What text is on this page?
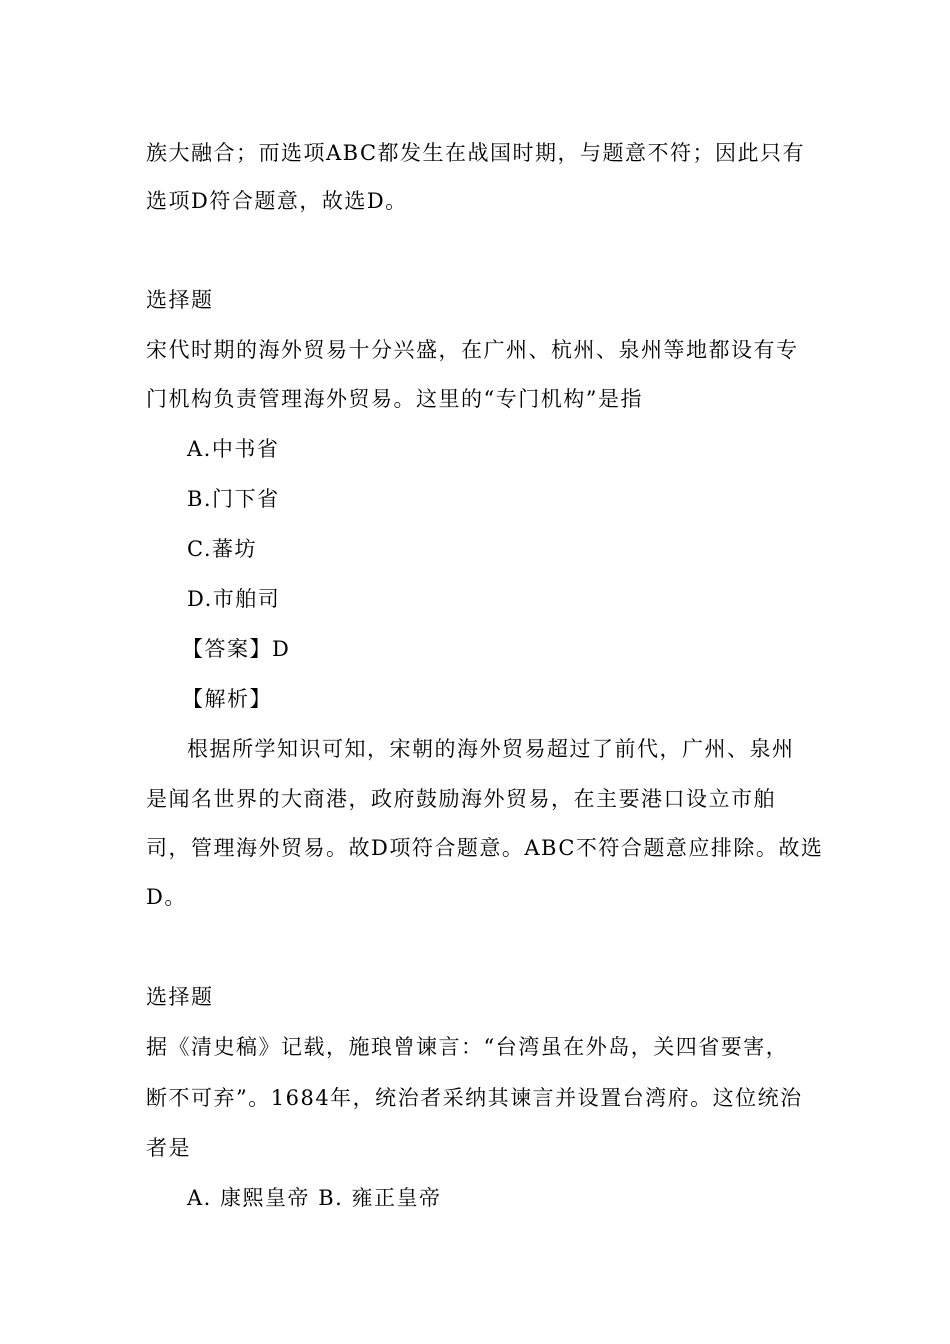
族大融合；而选项ABC都发生在战国时期，与题意不符；因此只有
选项D符合题意，故选D。
选择题
宋代时期的海外贸易十分兴盛，在广州、杭州、泉州等地都设有专
门机构负责管理海外贸易。这里的“专门机构”是指
A.中书省
B.门下省
C.蕃坊
D.市舶司
【答案】D
【解析】
根据所学知识可知，宋朝的海外贸易超过了前代，广州、泉州
是闻名世界的大商港，政府鼓励海外贸易，在主要港口设立市舶
司，管理海外贸易。故D项符合题意。ABC不符合题意应排除。故选
D。
选择题
据《清史稿》记载，施琅曾谏言：“台湾虽在外岛，关四省要害，
断不可弃”。1684年，统治者采纳其谏言并设置台湾府。这位统治
者是
A. 康熙皇帝 B. 雍正皇帝
